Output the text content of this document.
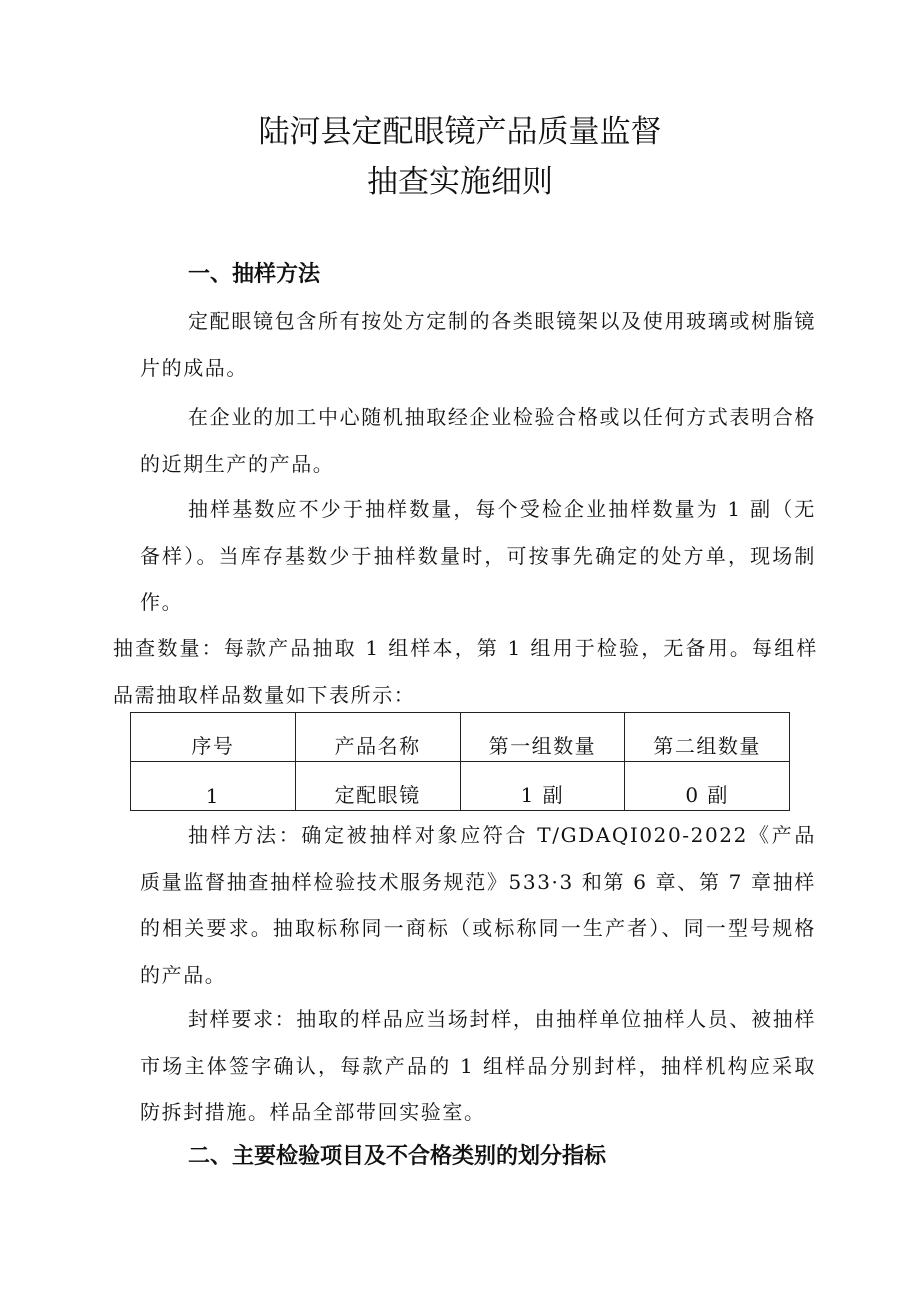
陆河县定配眼镜产品质量监督
抽查实施细则
一、抽样方法

定配眼镜包含所有按处方定制的各类眼镜架以及使用玻璃或树脂镜片的成品。

在企业的加工中心随机抽取经企业检验合格或以任何方式表明合格的近期生产的产品。

抽样基数应不少于抽样数量，每个受检企业抽样数量为 1 副（无备样）。当库存基数少于抽样数量时，可按事先确定的处方单，现场制作。

抽查数量：每款产品抽取 1 组样本，第 1 组用于检验，无备用。每组样品需抽取样品数量如下表所示：

序号	产品名称	第一组数量	第二组数量
1	定配眼镜	1 副	0 副

抽样方法：确定被抽样对象应符合 T/GDAQI020-2022《产品质量监督抽查抽样检验技术服务规范》533·3 和第 6 章、第 7 章抽样的相关要求。抽取标称同一商标（或标称同一生产者）、同一型号规格的产品。

封样要求：抽取的样品应当场封样，由抽样单位抽样人员、被抽样市场主体签字确认，每款产品的 1 组样品分别封样，抽样机构应采取防拆封措施。样品全部带回实验室。

二、主要检验项目及不合格类别的划分指标
